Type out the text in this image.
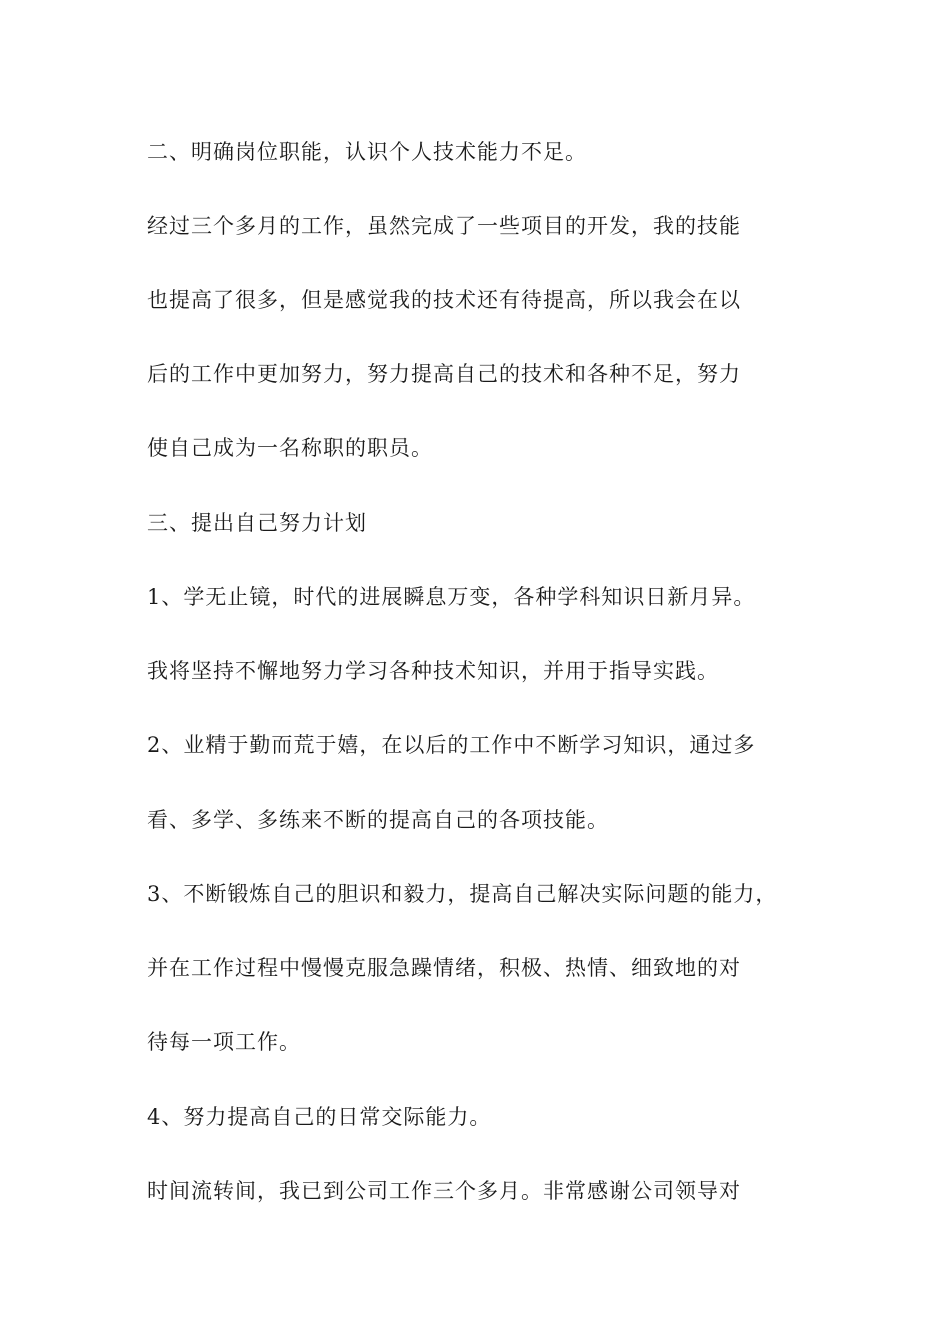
二、明确岗位职能，认识个人技术能力不足。

经过三个多月的工作，虽然完成了一些项目的开发，我的技能

也提高了很多，但是感觉我的技术还有待提高，所以我会在以

后的工作中更加努力，努力提高自己的技术和各种不足，努力

使自己成为一名称职的职员。

三、提出自己努力计划

1、学无止镜，时代的进展瞬息万变，各种学科知识日新月异。

我将坚持不懈地努力学习各种技术知识，并用于指导实践。

2、业精于勤而荒于嬉，在以后的工作中不断学习知识，通过多

看、多学、多练来不断的提高自己的各项技能。

3、不断锻炼自己的胆识和毅力，提高自己解决实际问题的能力，

并在工作过程中慢慢克服急躁情绪，积极、热情、细致地的对

待每一项工作。

4、努力提高自己的日常交际能力。

时间流转间，我已到公司工作三个多月。非常感谢公司领导对
